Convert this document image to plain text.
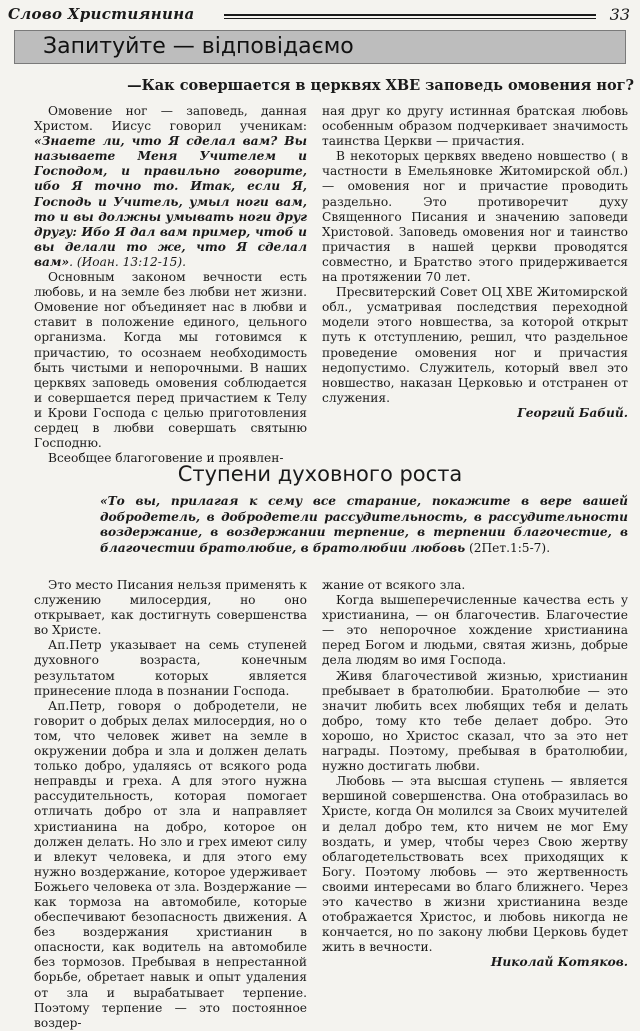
Слово Християнина	33
Запитуйте — відповідаємо
—Как совершается в церквях ХВЕ заповедь омовения ног?

Омовение ног — заповедь, данная Христом. Иисус говорил ученикам: «Знаете ли, что Я сделал вам? Вы называете Меня Учителем и Господом, и правильно говорите, ибо Я точно то. Итак, если Я, Господь и Учитель, умыл ноги вам, то и вы должны умывать ноги друг другу: Ибо Я дал вам пример, чтоб и вы делали то же, что Я сделал вам». (Иоан. 13:12-15).

Основным законом вечности есть любовь, и на земле без любви нет жизни. Омовение ног объединяет нас в любви и ставит в положение единого, цельного организма. Когда мы готовимся к причастию, то осознаем необходимость быть чистыми и непорочными. В наших церквях заповедь омовения соблюдается и совершается перед причастием к Телу и Крови Господа с целью приготовления сердец в любви совершать святыню Господню.

Всеобщее благоговение и проявлен-

ная друг ко другу истинная братская любовь особенным образом подчеркивает значимость таинства Церкви — причастия.

В некоторых церквях введено новшество ( в частности в Емельяновке Житомирской обл.) — омовения ног и причастие проводить раздельно. Это противоречит духу Священного Писания и значению заповеди Христовой. Заповедь омовения ног и таинство причастия в нашей церкви проводятся совместно, и Братство этого придерживается на протяжении 70 лет.

Пресвитерский Совет ОЦ ХВЕ Житомирской обл., усматривая последствия переходной модели этого новшества, за которой открыт путь к отступлению, решил, что раздельное проведение омовения ног и причастия недопустимо. Служитель, который ввел это новшество, наказан Церковью и отстранен от служения.

Георгий Бабий.
Ступени духовного роста
«То вы, прилагая к сему все старание, покажите в вере вашей добродетель, в добродетели рассудительность, в рассудительности воздержание, в воздержании терпение, в терпении благочестие, в благочестии братолюбие, в братолюбии любовь (2Пет.1:5-7).

Это место Писания нельзя применять к служению милосердия, но оно открывает, как достигнуть совершенства во Христе.

Ап.Петр указывает на семь ступеней духовного возраста, конечным результатом которых является принесение плода в познании Господа.

Ап.Петр, говоря о добродетели, не говорит о добрых делах милосердия, но о том, что человек живет на земле в окружении добра и зла и должен делать только добро, удаляясь от всякого рода неправды и греха. А для этого нужна рассудительность, которая помогает отличать добро от зла и направляет христианина на добро, которое он должен делать. Но зло и грех имеют силу и влекут человека, и для этого ему нужно воздержание, которое удерживает Божьего человека от зла. Воздержание — как тормоза на автомобиле, которые обеспечивают безопасность движения. А без воздержания христианин в опасности, как водитель на автомобиле без тормозов. Пребывая в непрестанной борьбе, обретает навык и опыт удаления от зла и вырабатывает терпение. Поэтому терпение — это постоянное воздер-

жание от всякого зла.

Когда вышеперечисленные качества есть у христианина, — он благочестив. Благочестие — это непорочное хождение христианина перед Богом и людьми, святая жизнь, добрые дела людям во имя Господа.

Живя благочестивой жизнью, христианин пребывает в братолюбии. Братолюбие — это значит любить всех любящих тебя и делать добро, тому кто тебе делает добро. Это хорошо, но Христос сказал, что за это нет награды. Поэтому, пребывая в братолюбии, нужно достигать любви.

Любовь — эта высшая ступень — является вершиной совершенства. Она отобразилась во Христе, когда Он молился за Своих мучителей и делал добро тем, кто ничем не мог Ему воздать, и умер, чтобы через Свою жертву облагодетельствовать всех приходящих к Богу. Поэтому любовь — это жертвенность своими интересами во благо ближнего. Через это качество в жизни христианина везде отображается Христос, и любовь никогда не кончается, но по закону любви Церковь будет жить в вечности.

Николай Котяков.
